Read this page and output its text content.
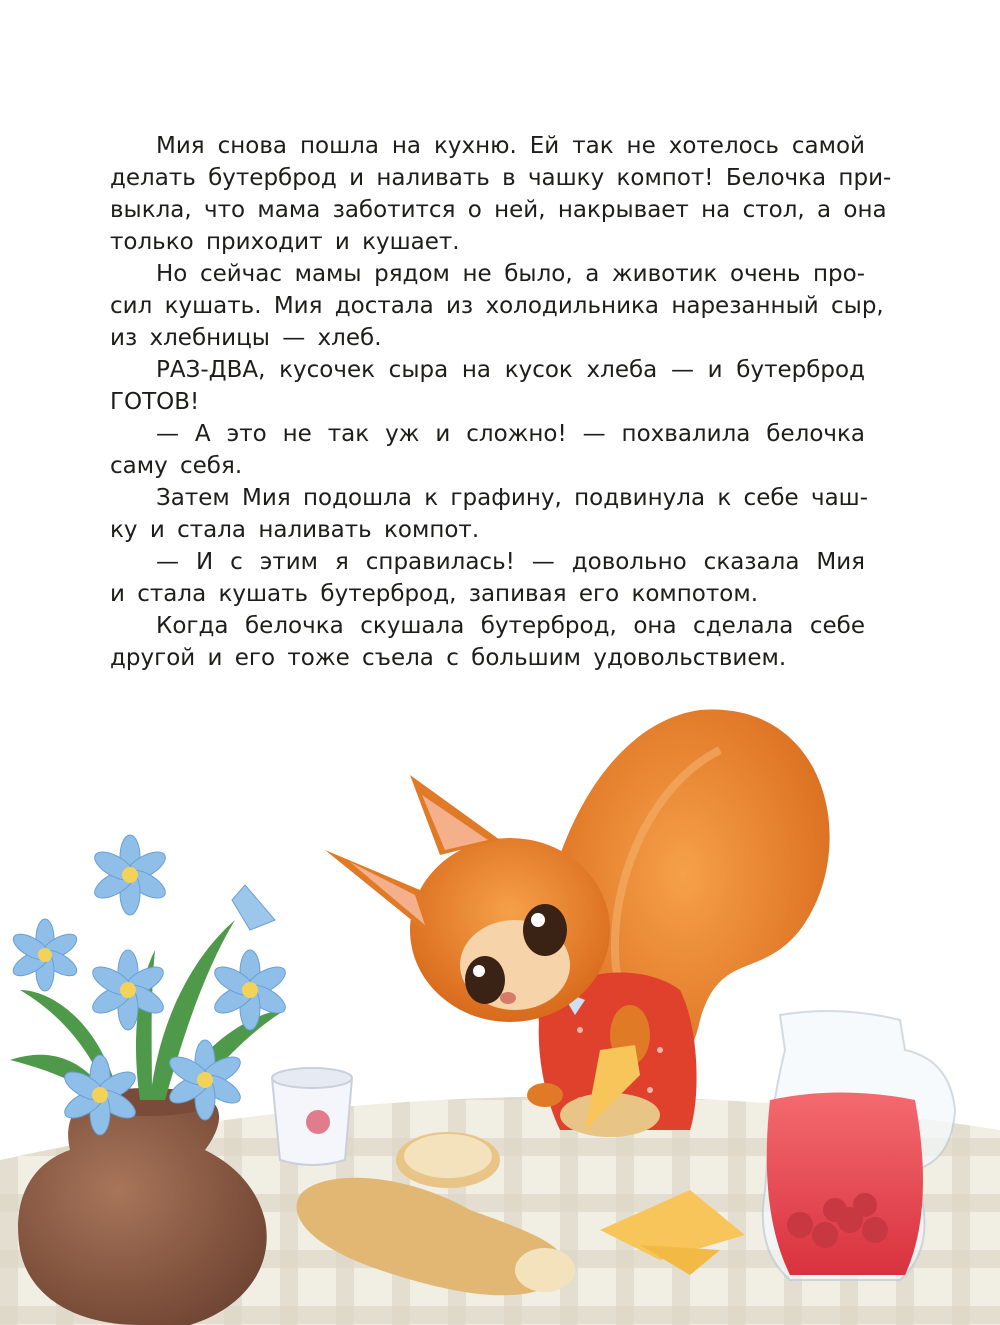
Мия снова пошла на кухню. Ей так не хотелось самой
делать бутерброд и наливать в чашку компот! Белочка при-
выкла, что мама заботится о ней, накрывает на стол, а она
только приходит и кушает.
Но сейчас мамы рядом не было, а животик очень про-
сил кушать. Мия достала из холодильника нарезанный сыр,
из хлебницы — хлеб.
РАЗ-ДВА, кусочек сыра на кусок хлеба — и бутерброд
ГОТОВ!
— А это не так уж и сложно! — похвалила белочка
саму себя.
Затем Мия подошла к графину, подвинула к себе чаш-
ку и стала наливать компот.
— И с этим я справилась! — довольно сказала Мия
и стала кушать бутерброд, запивая его компотом.
Когда белочка скушала бутерброд, она сделала себе
другой и его тоже съела с большим удовольствием.
